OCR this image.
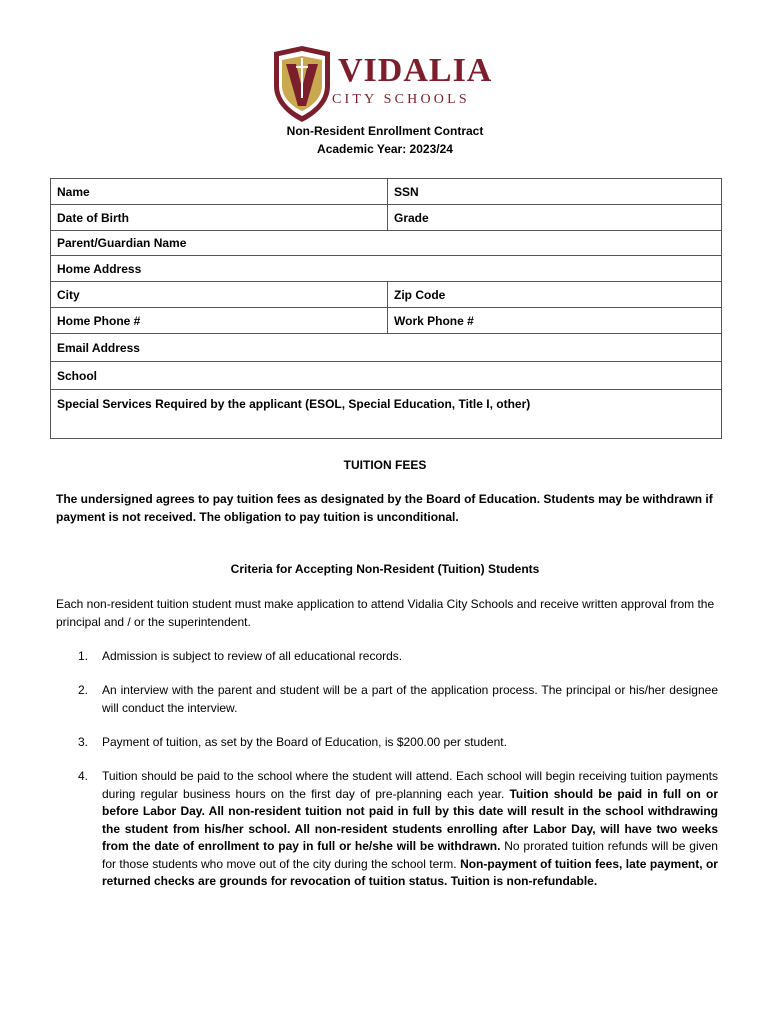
VIDALIA
CITY SCHOOLS
Non-Resident Enrollment Contract
Academic Year: 2023/24
Name	SSN
Date of Birth	Grade
Parent/Guardian Name	
Home Address	
City	Zip Code
Home Phone #	Work Phone #
Email Address	
School	
Special Services Required by the applicant (ESOL, Special Education, Title I, other)	
TUITION FEES
The undersigned agrees to pay tuition fees as designated by the Board of Education. Students may be withdrawn if payment is not received. The obligation to pay tuition is unconditional.
Criteria for Accepting Non-Resident (Tuition) Students
Each non-resident tuition student must make application to attend Vidalia City Schools and receive written approval from the principal and / or the superintendent.
1. Admission is subject to review of all educational records.
2. An interview with the parent and student will be a part of the application process. The principal or his/her designee will conduct the interview.
3. Payment of tuition, as set by the Board of Education, is $200.00 per student.
4. Tuition should be paid to the school where the student will attend. Each school will begin receiving tuition payments during regular business hours on the first day of pre-planning each year. Tuition should be paid in full on or before Labor Day. All non-resident tuition not paid in full by this date will result in the school withdrawing the student from his/her school. All non-resident students enrolling after Labor Day, will have two weeks from the date of enrollment to pay in full or he/she will be withdrawn. No prorated tuition refunds will be given for those students who move out of the city during the school term. Non-payment of tuition fees, late payment, or returned checks are grounds for revocation of tuition status. Tuition is non-refundable.
